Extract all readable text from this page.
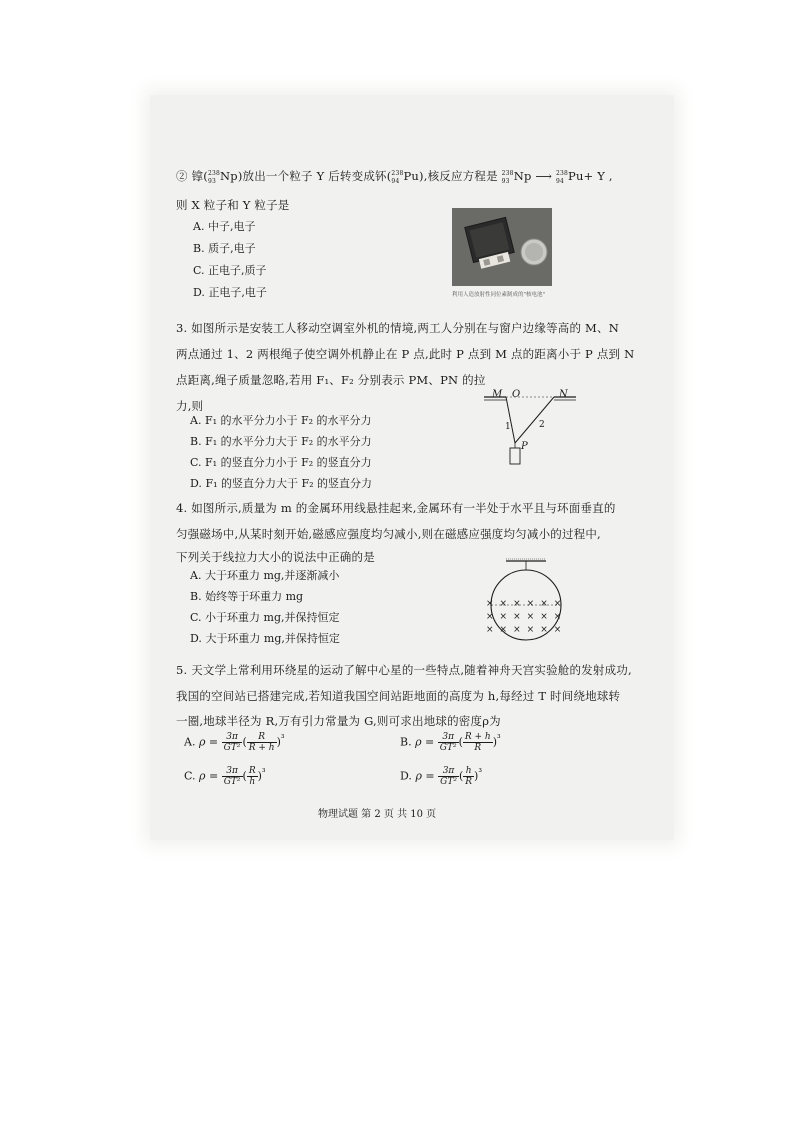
② 镎($^{238}$
93 Np)放出一个粒子 Y 后转变成钚($^{238}$
94 Pu),核反应方程是 $^{238}$
93 Np ⟶ $^{238}$
94 Pu+ Y ,
则 X 粒子和 Y 粒子是
A. 中子,电子
B. 质子,电子
C. 正电子,质子
D. 正电子,电子	利用人造放射性同位素制成的"核电池"
3. 如图所示是安装工人移动空调室外机的情境,两工人分别在与窗户边缘等高的 M、N
两点通过 1、2 两根绳子使空调外机静止在 P 点,此时 P 点到 M 点的距离小于 P 点到 N
点距离,绳子质量忽略,若用 F₁、F₂ 分别表示 PM、PN 的拉
力,则
A. F₁ 的水平分力小于 F₂ 的水平分力
B. F₁ 的水平分力大于 F₂ 的水平分力
C. F₁ 的竖直分力小于 F₂ 的竖直分力
D. F₁ 的竖直分力大于 F₂ 的竖直分力
M O	N
1	2
P
4. 如图所示,质量为 m 的金属环用线悬挂起来,金属环有一半处于水平且与环面垂直的
匀强磁场中,从某时刻开始,磁感应强度均匀减小,则在磁感应强度均匀减小的过程中,
下列关于线拉力大小的说法中正确的是
A. 大于环重力 mg,并逐渐减小
B. 始终等于环重力 mg
C. 小于环重力 mg,并保持恒定
D. 大于环重力 mg,并保持恒定
××××××
××××××
××××××
5. 天文学上常利用环绕星的运动了解中心星的一些特点,随着神舟天宫实验舱的发射成功,
我国的空间站已搭建完成,若知道我国空间站距地面的高度为 h,每经过 T 时间绕地球转
一圈,地球半径为 R,万有引力常量为 G,则可求出地球的密度ρ为
A. $\rho = \frac{3\pi}{\text{GT²}}$ ( $\frac{R}{R + h} )^{^3}$	B. $\rho = \frac{3\pi}{\text{GT²}}$ ( $\frac{R + h}{R} )^{^3}$
C. $\rho = \frac{3\pi}{\text{GT²}}$ ( $\frac{R}{h} )^{^3}$	D. $\rho = \frac{3\pi}{\text{GT²}}$ ( $\frac{h}{R} )^{^3}$
物理试题 第 2 页 共 10 页
